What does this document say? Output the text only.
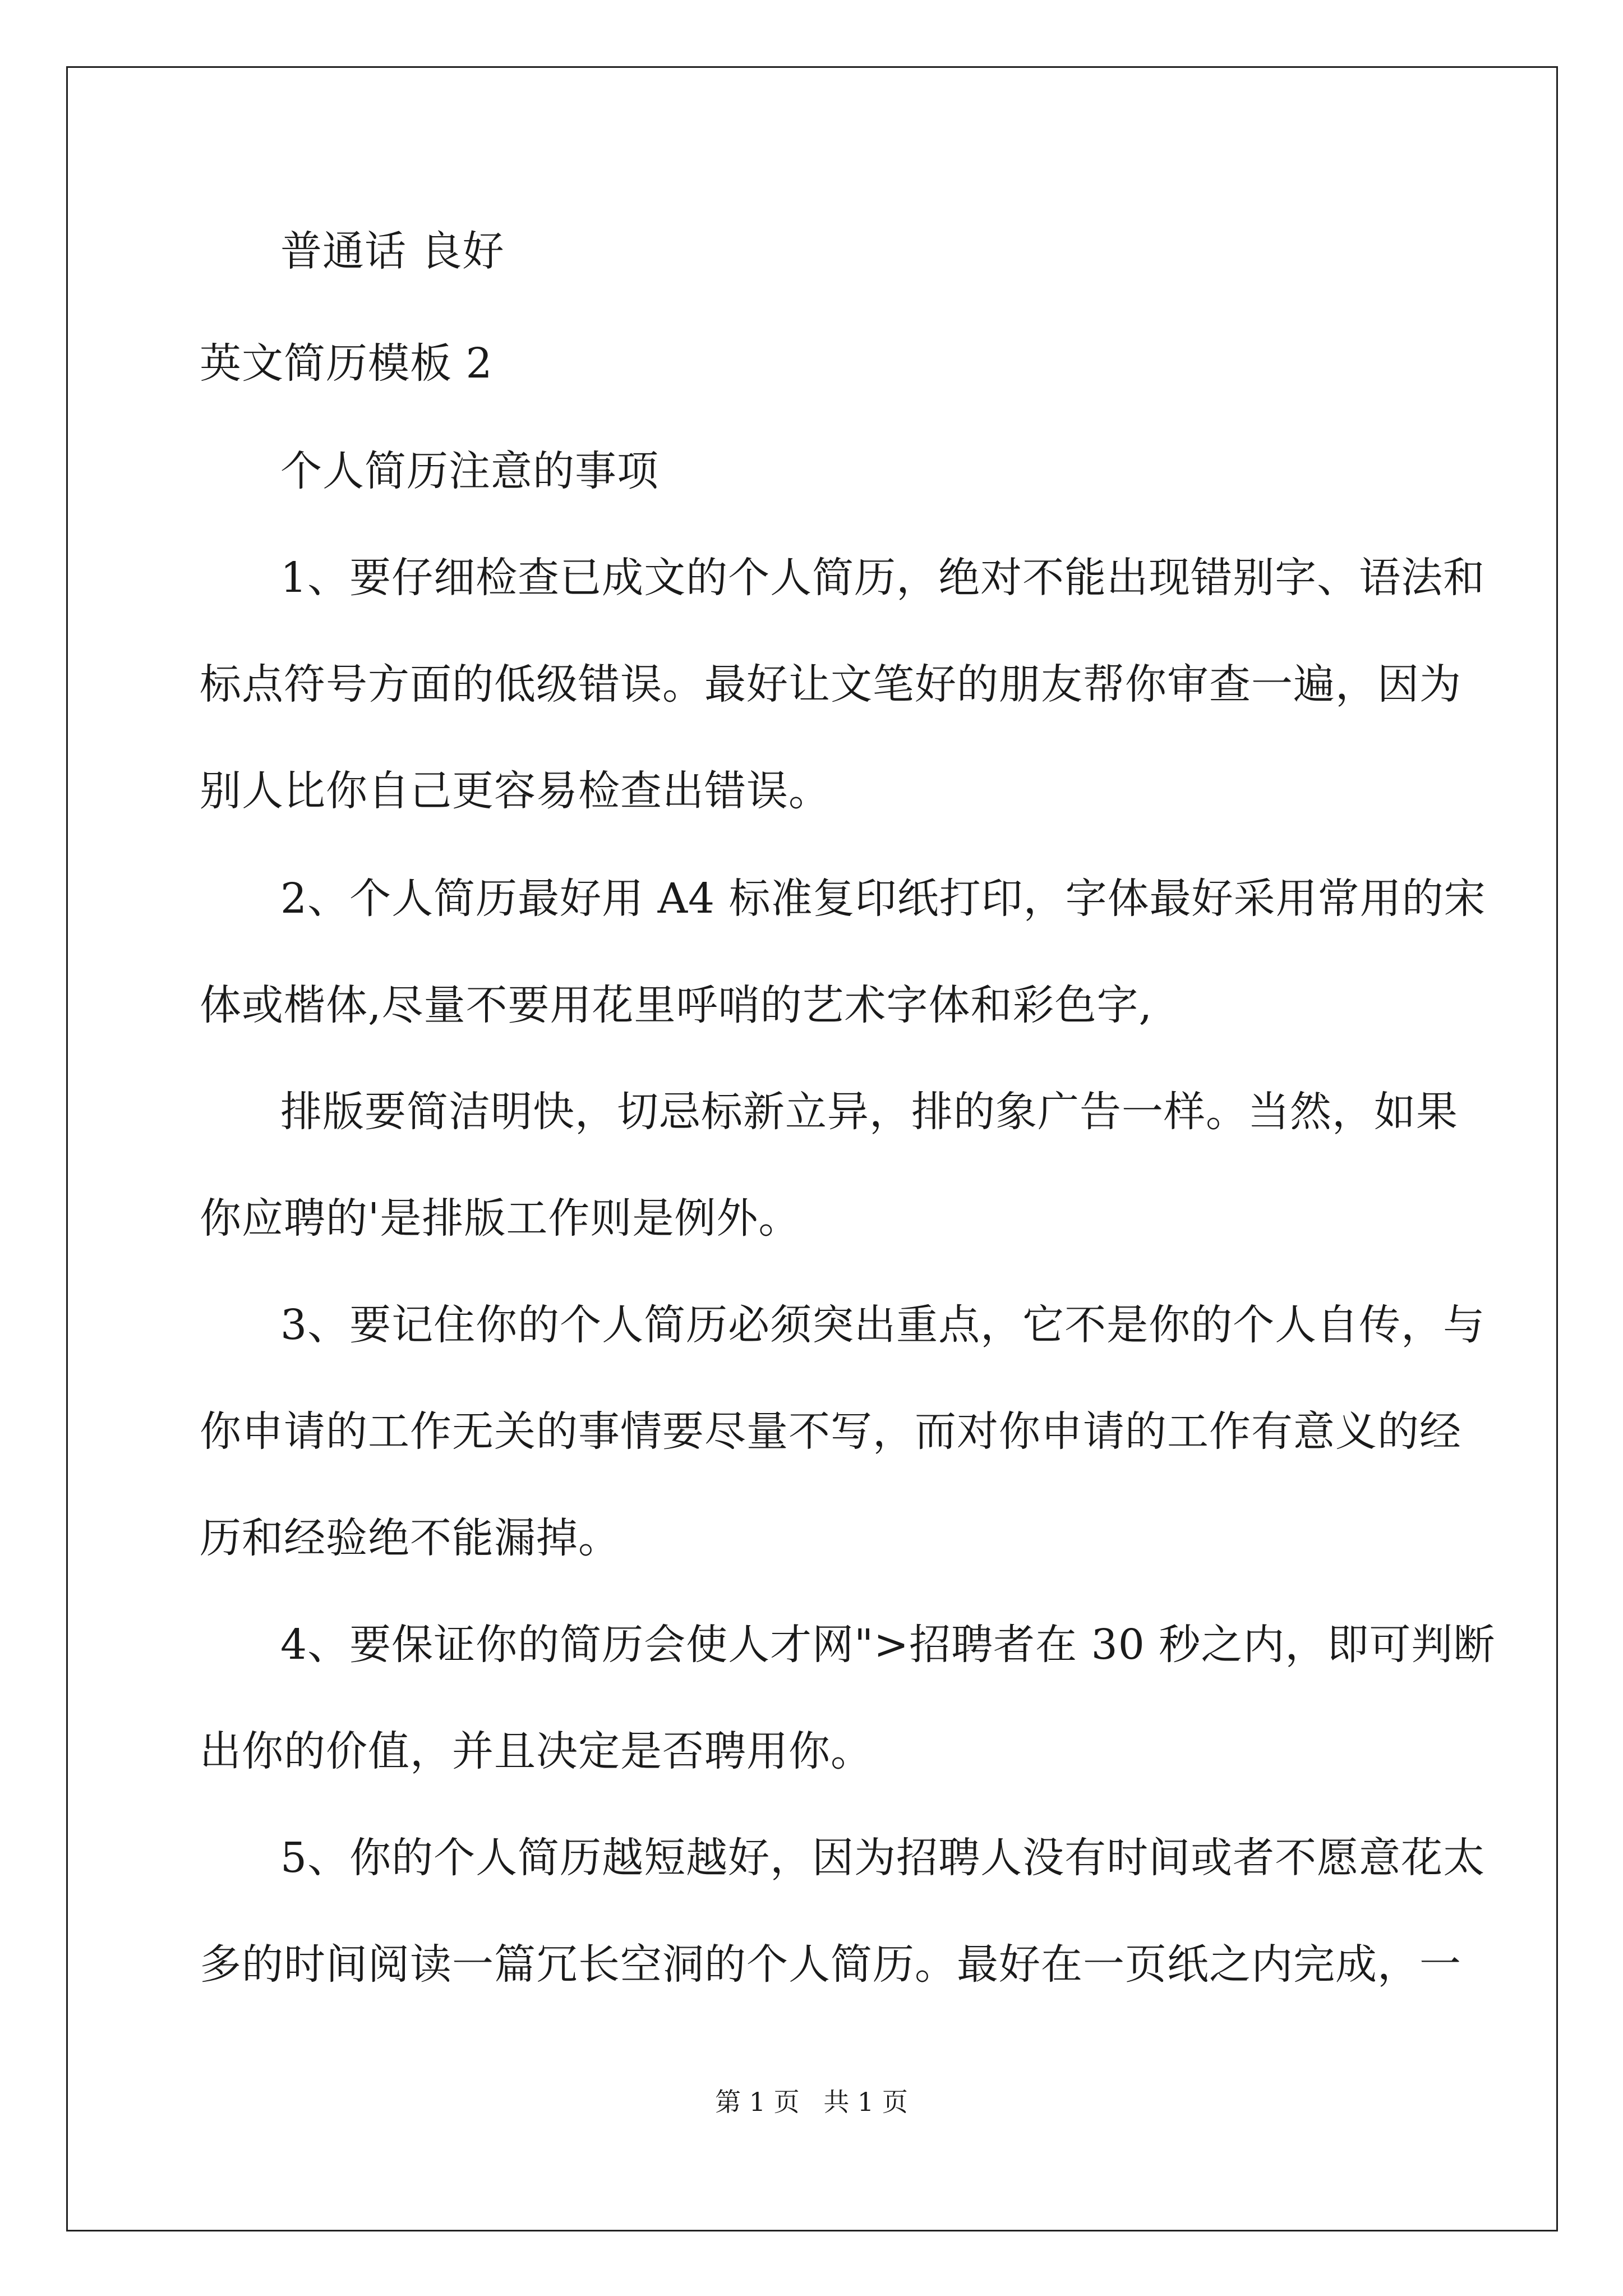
普通话 良好
英文简历模板 2
个人简历注意的事项
1、要仔细检查已成文的个人简历，绝对不能出现错别字、语法和
标点符号方面的低级错误。最好让文笔好的朋友帮你审查一遍，因为
别人比你自己更容易检查出错误。
2、个人简历最好用 A4 标准复印纸打印，字体最好采用常用的宋
体或楷体,尽量不要用花里呼哨的艺术字体和彩色字,
排版要简洁明快，切忌标新立异，排的象广告一样。当然，如果
你应聘的'是排版工作则是例外。
3、要记住你的个人简历必须突出重点，它不是你的个人自传，与
你申请的工作无关的事情要尽量不写，而对你申请的工作有意义的经
历和经验绝不能漏掉。
4、要保证你的简历会使人才网">招聘者在 30 秒之内，即可判断
出你的价值，并且决定是否聘用你。
5、你的个人简历越短越好，因为招聘人没有时间或者不愿意花太
多的时间阅读一篇冗长空洞的个人简历。最好在一页纸之内完成，一
第 1 页 共 1 页
